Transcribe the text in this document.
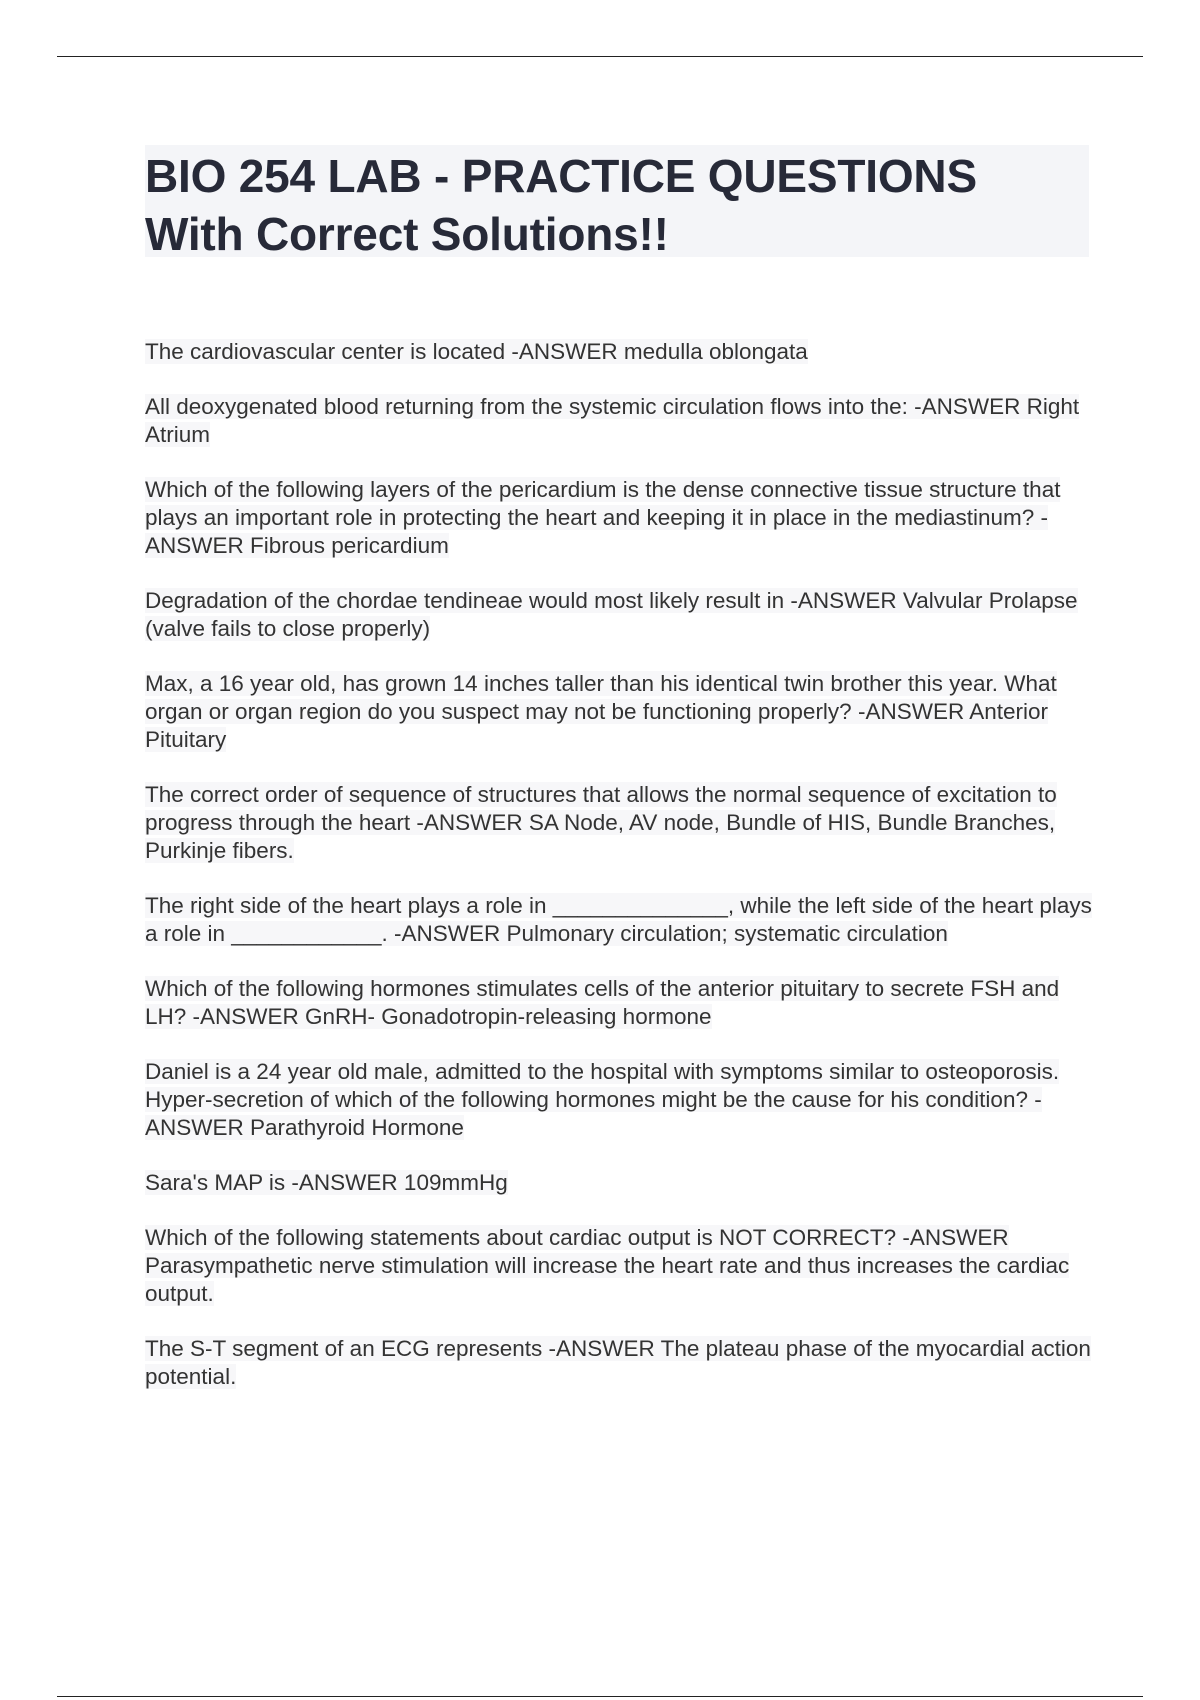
BIO 254 LAB - PRACTICE QUESTIONS
With Correct Solutions!!
The cardiovascular center is located -ANSWER medulla oblongata
All deoxygenated blood returning from the systemic circulation flows into the: -ANSWER Right Atrium
Which of the following layers of the pericardium is the dense connective tissue structure that plays an important role in protecting the heart and keeping it in place in the mediastinum? -ANSWER Fibrous pericardium
Degradation of the chordae tendineae would most likely result in -ANSWER Valvular Prolapse (valve fails to close properly)
Max, a 16 year old, has grown 14 inches taller than his identical twin brother this year. What organ or organ region do you suspect may not be functioning properly? -ANSWER Anterior Pituitary
The correct order of sequence of structures that allows the normal sequence of excitation to progress through the heart -ANSWER SA Node, AV node, Bundle of HIS, Bundle Branches, Purkinje fibers.
The right side of the heart plays a role in ______________, while the left side of the heart plays a role in ____________. -ANSWER Pulmonary circulation; systematic circulation
Which of the following hormones stimulates cells of the anterior pituitary to secrete FSH and LH? -ANSWER GnRH- Gonadotropin-releasing hormone
Daniel is a 24 year old male, admitted to the hospital with symptoms similar to osteoporosis. Hyper-secretion of which of the following hormones might be the cause for his condition? -ANSWER Parathyroid Hormone
Sara's MAP is -ANSWER 109mmHg
Which of the following statements about cardiac output is NOT CORRECT? -ANSWER Parasympathetic nerve stimulation will increase the heart rate and thus increases the cardiac output.
The S-T segment of an ECG represents -ANSWER The plateau phase of the myocardial action potential.
